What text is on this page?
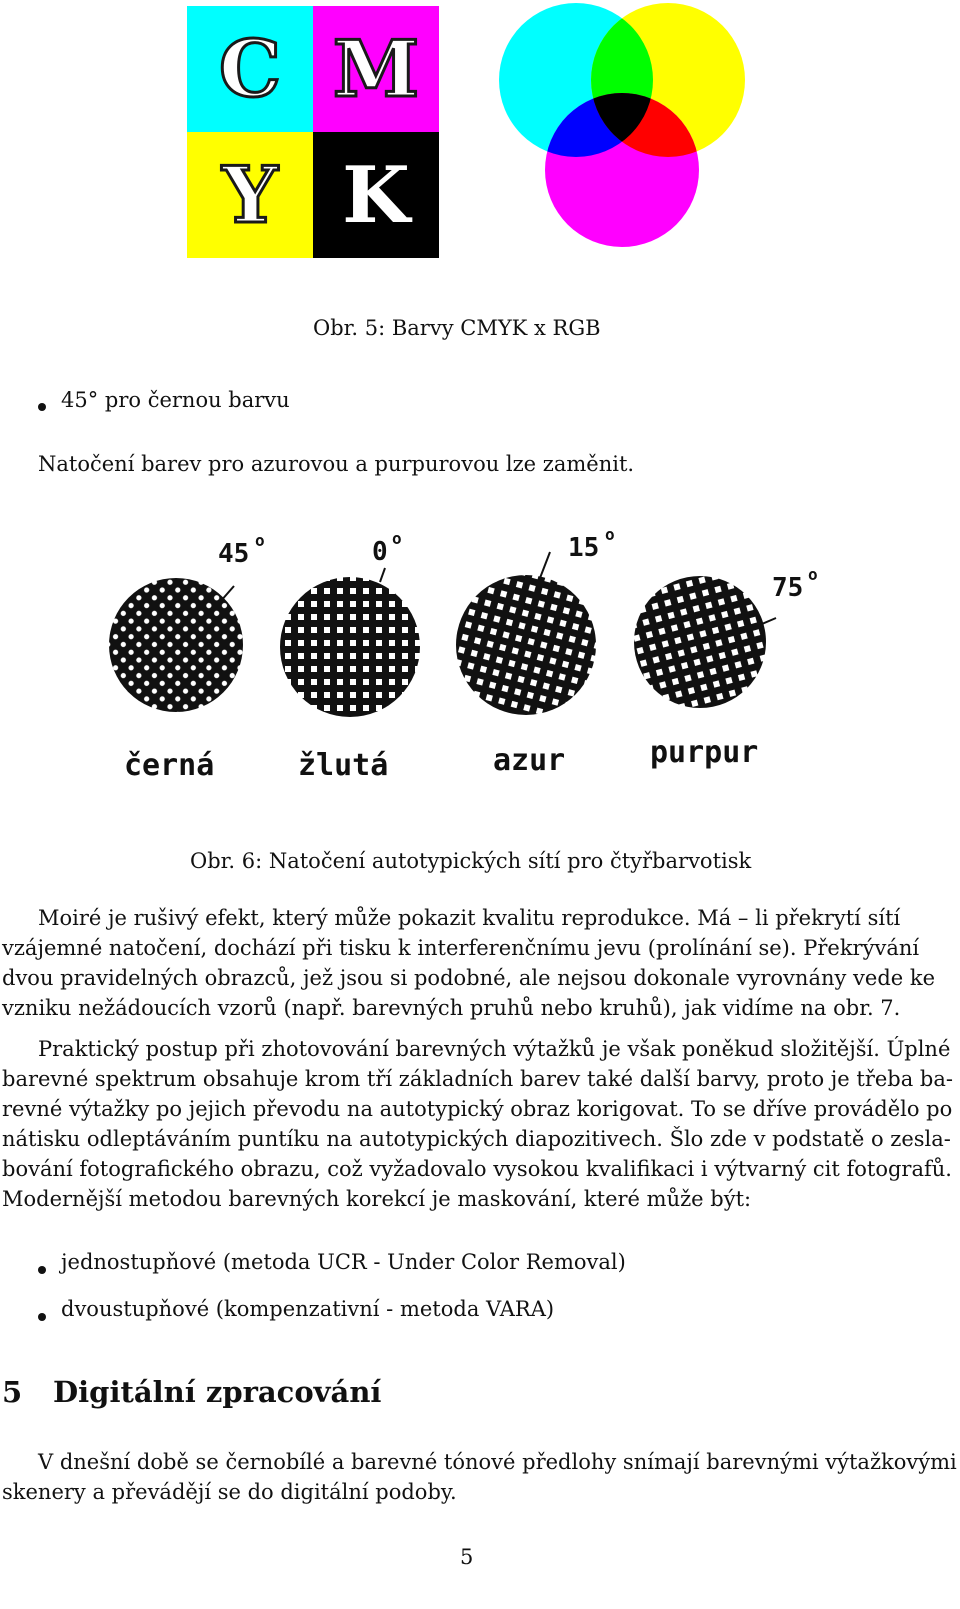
C M
Y K
Obr. 5: Barvy CMYK x RGB
45° pro černou barvu
Natočení barev pro azurovou a purpurovou lze zaměnit.
45 o	0 o	15 o
75 o
černá	žlutá	azur	purpur
Obr. 6: Natočení autotypických sítí pro čtyřbarvotisk
Moiré je rušivý efekt, který může pokazit kvalitu reprodukce. Má – li překrytí sítí
vzájemné natočení, dochází při tisku k interferenčnímu jevu (prolínání se). Překrývání
dvou pravidelných obrazců, jež jsou si podobné, ale nejsou dokonale vyrovnány vede ke
vzniku nežádoucích vzorů (např. barevných pruhů nebo kruhů), jak vidíme na obr. 7.
Praktický postup při zhotovování barevných výtažků je však poněkud složitější. Úplné
barevné spektrum obsahuje krom tří základních barev také další barvy, proto je třeba ba-
revné výtažky po jejich převodu na autotypický obraz korigovat. To se dříve provádělo po
nátisku odleptáváním puntíku na autotypických diapozitivech. Šlo zde v podstatě o zesla-
bování fotografického obrazu, což vyžadovalo vysokou kvalifikaci i výtvarný cit fotografů.
Modernější metodou barevných korekcí je maskování, které může být:
jednostupňové (metoda UCR - Under Color Removal)
dvoustupňové (kompenzativní - metoda VARA)
5 Digitální zpracování
V dnešní době se černobílé a barevné tónové předlohy snímají barevnými výtažkovými
skenery a převádějí se do digitální podoby.
5
